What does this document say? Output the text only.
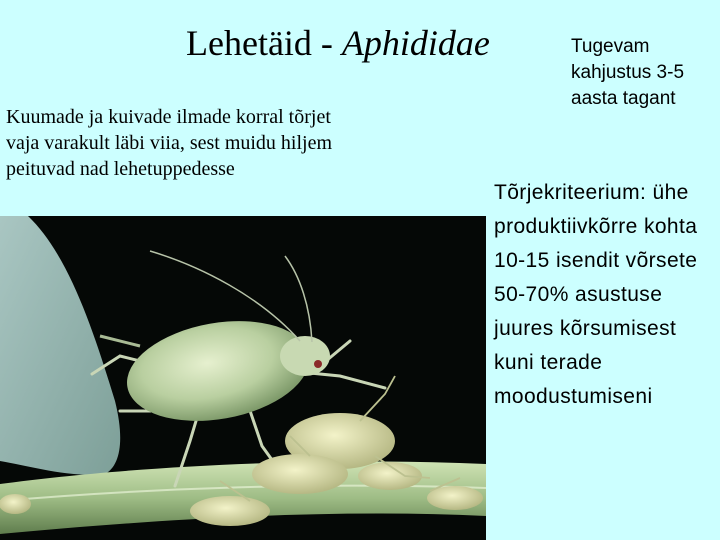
Lehetäid - Aphididae
Kuumade ja kuivade ilmade korral tõrjet vaja varakult läbi viia, sest muidu hiljem peituvad nad lehetuppedesse
Tugevam kahjustus 3-5 aasta tagant
Tõrjekriteerium: ühe produktiivkõrre kohta 10-15 isendit võrsete 50-70% asustuse juures kõrsumisest kuni terade moodustumiseni
